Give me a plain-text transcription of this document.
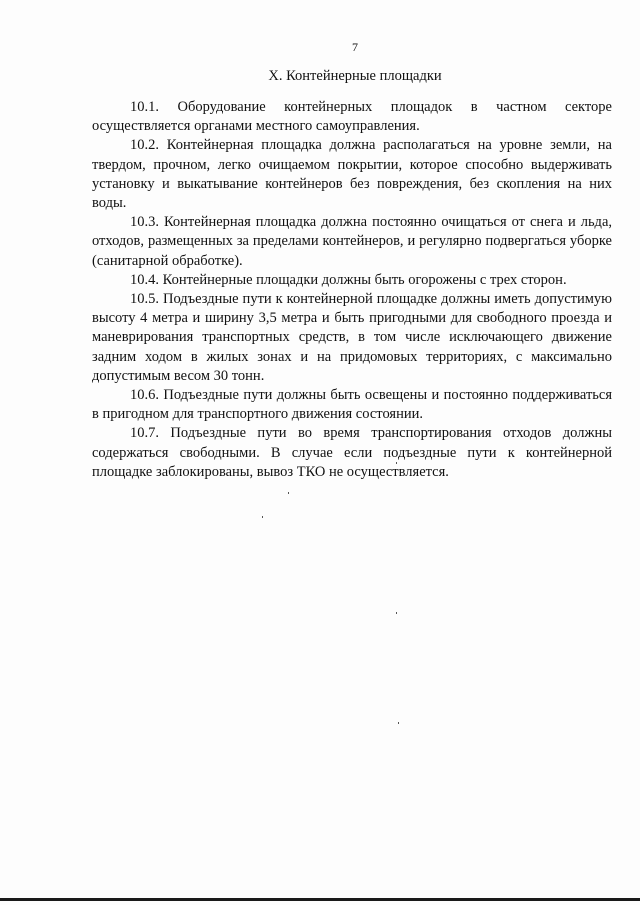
7
X. Контейнерные площадки

10.1. Оборудование контейнерных площадок в частном секторе осуществляется органами местного самоуправления.

10.2. Контейнерная площадка должна располагаться на уровне земли, на твердом, прочном, легко очищаемом покрытии, которое способно выдерживать установку и выкатывание контейнеров без повреждения, без скопления на них воды.

10.3. Контейнерная площадка должна постоянно очищаться от снега и льда, отходов, размещенных за пределами контейнеров, и регулярно подвергаться уборке (санитарной обработке).

10.4. Контейнерные площадки должны быть огорожены с трех сторон.

10.5. Подъездные пути к контейнерной площадке должны иметь допустимую высоту 4 метра и ширину 3,5 метра и быть пригодными для свободного проезда и маневрирования транспортных средств, в том числе исключающего движение задним ходом в жилых зонах и на придомовых территориях, с максимально допустимым весом 30 тонн.

10.6. Подъездные пути должны быть освещены и постоянно поддерживаться в пригодном для транспортного движения состоянии.

10.7. Подъездные пути во время транспортирования отходов должны содержаться свободными. В случае если подъездные пути к контейнерной площадке заблокированы, вывоз ТКО не осуществляется.
